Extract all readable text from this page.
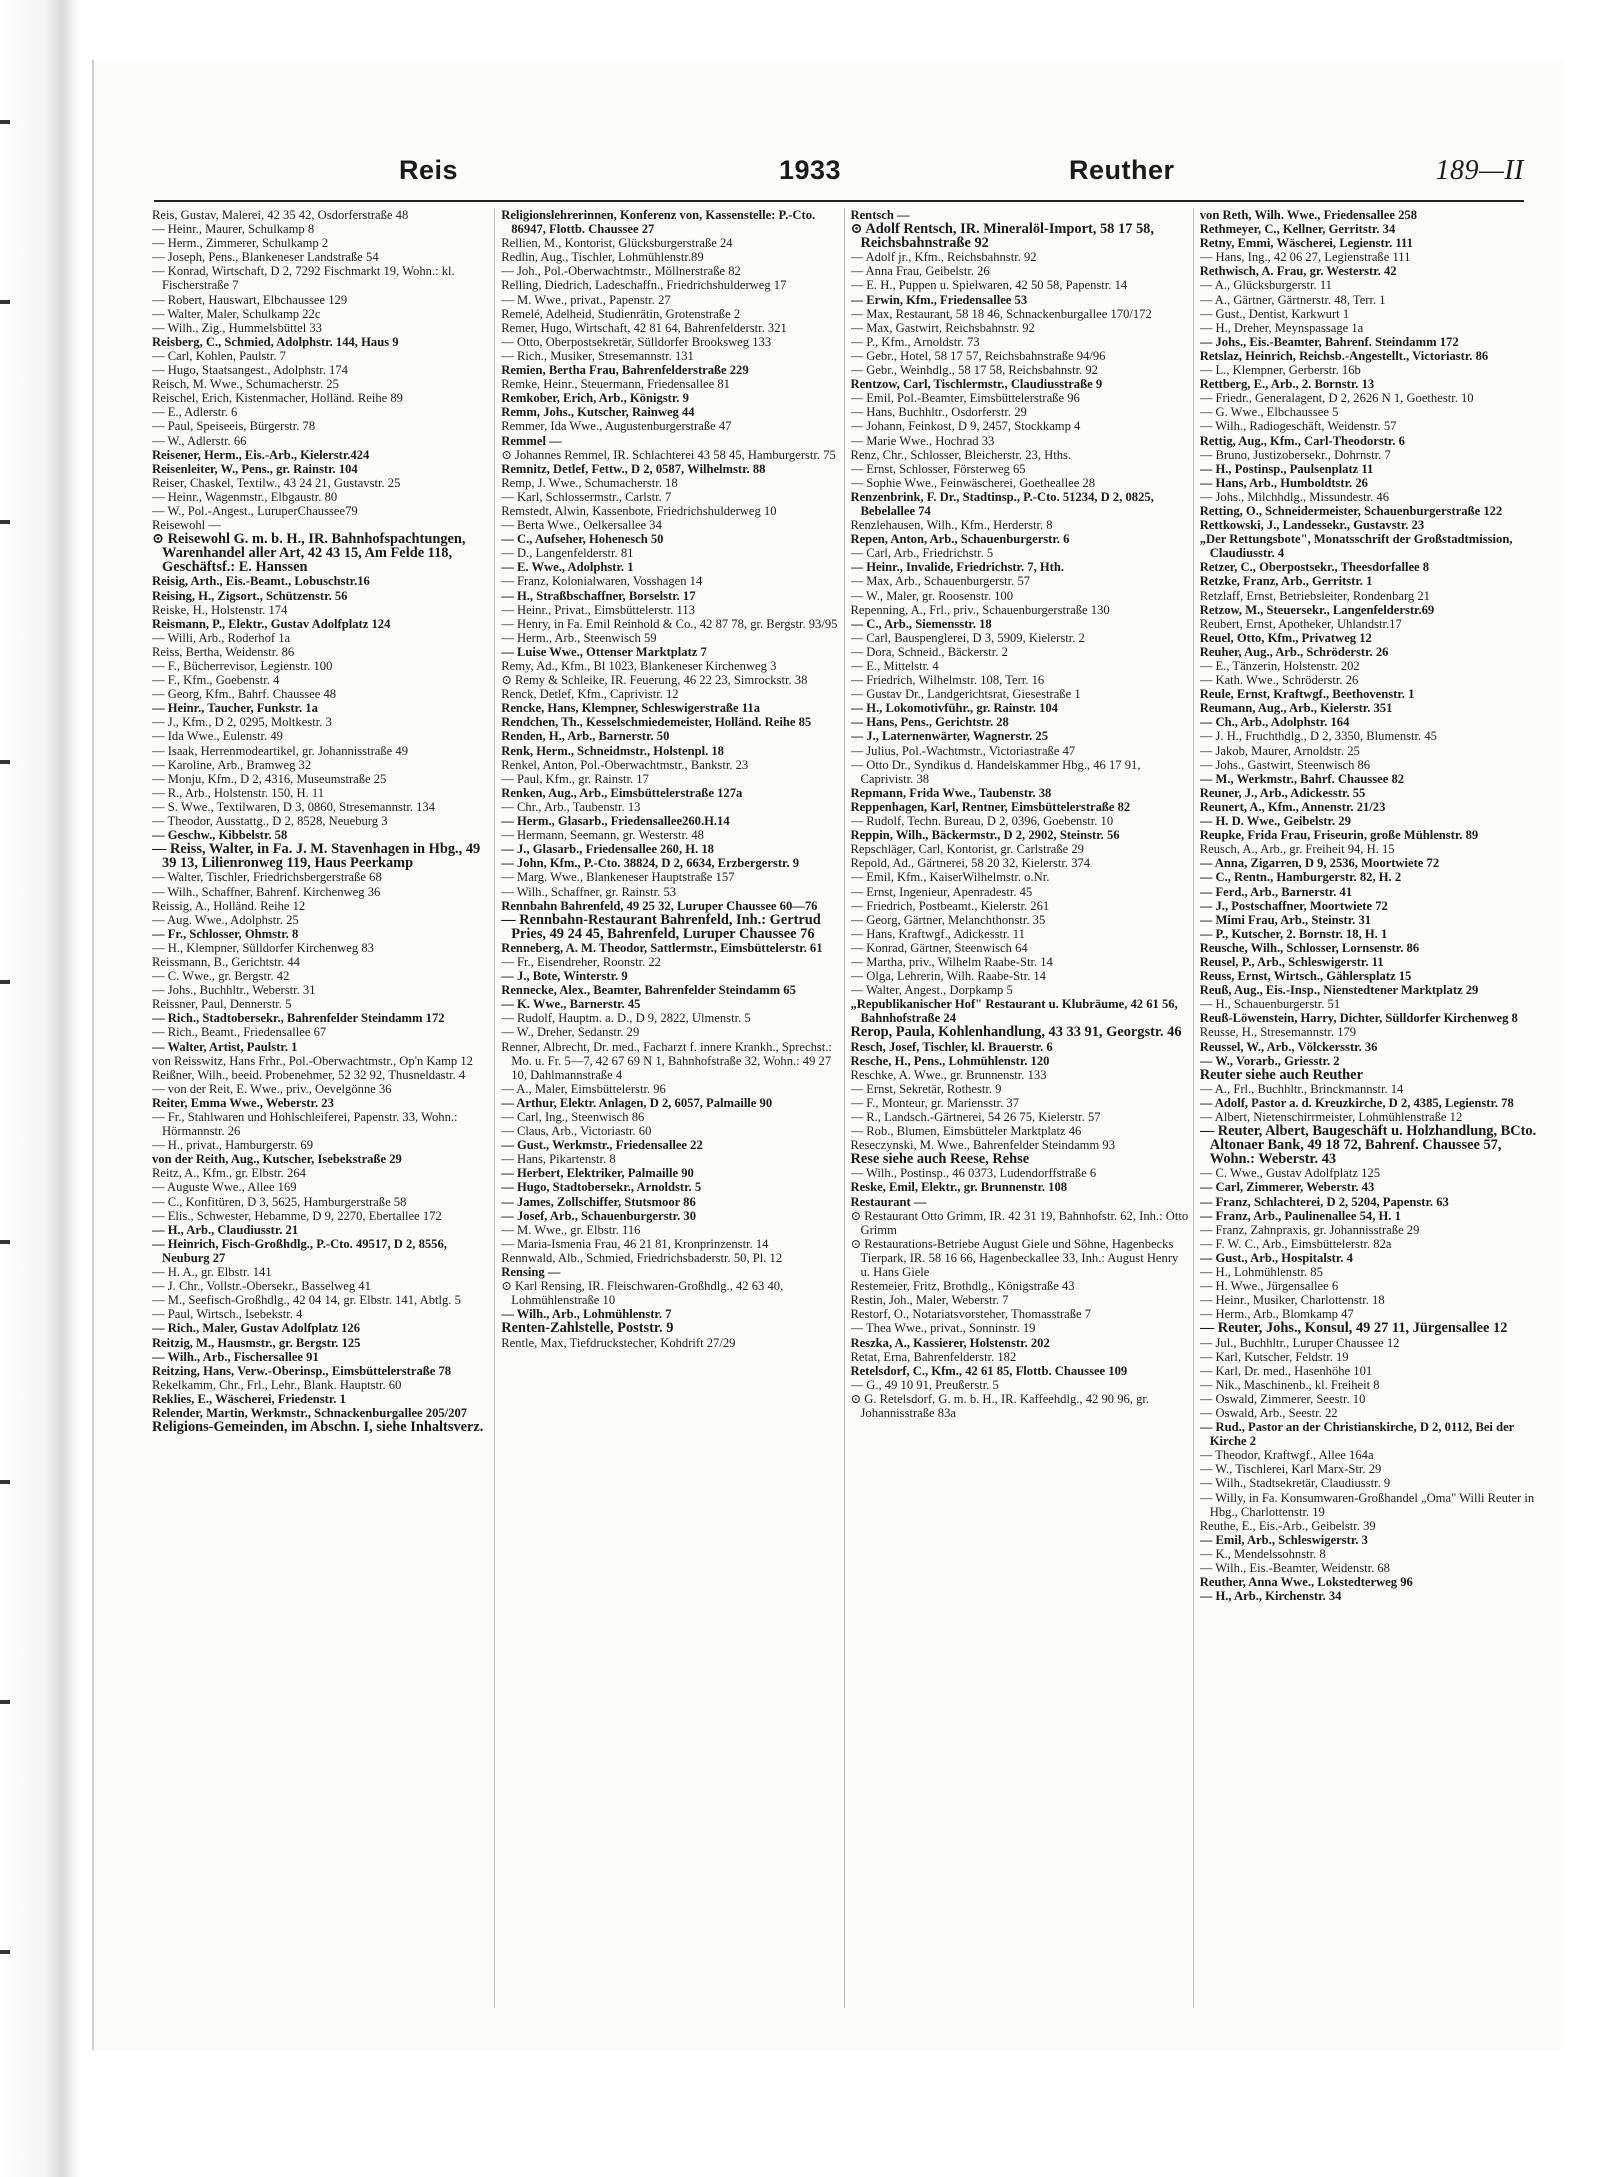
Reis	1933	Reuther	189—II

Reis, Gustav, Malerei, 42 35 42, Osdorferstraße 48

— Heinr., Maurer, Schulkamp 8

— Herm., Zimmerer, Schulkamp 2

— Joseph, Pens., Blankeneser Landstraße 54

— Konrad, Wirtschaft, D 2, 7292 Fischmarkt 19, Wohn.: kl. Fischerstraße 7

— Robert, Hauswart, Elbchaussee 129

— Walter, Maler, Schulkamp 22c

— Wilh., Zig., Hummelsbüttel 33

Reisberg, C., Schmied, Adolphstr. 144, Haus 9

— Carl, Kohlen, Paulstr. 7

— Hugo, Staatsangest., Adolphstr. 174

Reisch, M. Wwe., Schumacherstr. 25

Reischel, Erich, Kistenmacher, Holländ. Reihe 89

— E., Adlerstr. 6

— Paul, Speiseeis, Bürgerstr. 78

— W., Adlerstr. 66

Reisener, Herm., Eis.-Arb., Kielerstr.424

Reisenleiter, W., Pens., gr. Rainstr. 104

Reiser, Chaskel, Textilw., 43 24 21, Gustavstr. 25

— Heinr., Wagenmstr., Elbgaustr. 80

— W., Pol.-Angest., LuruperChaussee79

Reisewohl —

⊙ Reisewohl G. m. b. H., IR. Bahnhofspachtungen, Warenhandel aller Art, 42 43 15, Am Felde 118, Geschäftsf.: E. Hanssen

Reisig, Arth., Eis.-Beamt., Lobuschstr.16

Reising, H., Zigsort., Schützenstr. 56

Reiske, H., Holstenstr. 174

Reismann, P., Elektr., Gustav Adolfplatz 124

— Willi, Arb., Roderhof 1a

Reiss, Bertha, Weidenstr. 86

— F., Bücherrevisor, Legienstr. 100

— F., Kfm., Goebenstr. 4

— Georg, Kfm., Bahrf. Chaussee 48

— Heinr., Taucher, Funkstr. 1a

— J., Kfm., D 2, 0295, Moltkestr. 3

— Ida Wwe., Eulenstr. 49

— Isaak, Herrenmodeartikel, gr. Johannisstraße 49

— Karoline, Arb., Bramweg 32

— Monju, Kfm., D 2, 4316, Museumstraße 25

— R., Arb., Holstenstr. 150, H. 11

— S. Wwe., Textilwaren, D 3, 0860, Stresemannstr. 134

— Theodor, Ausstattg., D 2, 8528, Neueburg 3

— Geschw., Kibbelstr. 58

— Reiss, Walter, in Fa. J. M. Stavenhagen in Hbg., 49 39 13, Lilienronweg 119, Haus Peerkamp

— Walter, Tischler, Friedrichsbergerstraße 68

— Wilh., Schaffner, Bahrenf. Kirchenweg 36

Reissig, A., Holländ. Reihe 12

— Aug. Wwe., Adolphstr. 25

— Fr., Schlosser, Ohmstr. 8

— H., Klempner, Sülldorfer Kirchenweg 83

Reissmann, B., Gerichtstr. 44

— C. Wwe., gr. Bergstr. 42

— Johs., Buchhltr., Weberstr. 31

Reissner, Paul, Dennerstr. 5

— Rich., Stadtobersekr., Bahrenfelder Steindamm 172

— Rich., Beamt., Friedensallee 67

— Walter, Artist, Paulstr. 1

von Reisswitz, Hans Frhr., Pol.-Oberwachtmstr., Op'n Kamp 12

Reißner, Wilh., beeid. Probenehmer, 52 32 92, Thusneldastr. 4

— von der Reit, E. Wwe., priv., Oevelgönne 36

Reiter, Emma Wwe., Weberstr. 23

— Fr., Stahlwaren und Hohlschleiferei, Papenstr. 33, Wohn.: Hörmannstr. 26

— H., privat., Hamburgerstr. 69

von der Reith, Aug., Kutscher, Isebekstraße 29

Reitz, A., Kfm., gr. Elbstr. 264

— Auguste Wwe., Allee 169

— C., Konfitüren, D 3, 5625, Hamburgerstraße 58

— Elis., Schwester, Hebamme, D 9, 2270, Ebertallee 172

— H., Arb., Claudiusstr. 21

— Heinrich, Fisch-Großhdlg., P.-Cto. 49517, D 2, 8556, Neuburg 27

— H. A., gr. Elbstr. 141

— J. Chr., Vollstr.-Obersekr., Basselweg 41

— M., Seefisch-Großhdlg., 42 04 14, gr. Elbstr. 141, Abtlg. 5

— Paul, Wirtsch., Isebekstr. 4

— Rich., Maler, Gustav Adolfplatz 126

Reitzig, M., Hausmstr., gr. Bergstr. 125

— Wilh., Arb., Fischersallee 91

Reitzing, Hans, Verw.-Oberinsp., Eimsbüttelerstraße 78

Rekelkamm, Chr., Frl., Lehr., Blank. Hauptstr. 60

Reklies, E., Wäscherei, Friedenstr. 1

Relender, Martin, Werkmstr., Schnackenburgallee 205/207

Religions-Gemeinden, im Abschn. I, siehe Inhaltsverz.

Religionslehrerinnen, Konferenz von, Kassenstelle: P.-Cto. 86947, Flottb. Chaussee 27

Rellien, M., Kontorist, Glücksburgerstraße 24

Redlin, Aug., Tischler, Lohmühlenstr.89

— Joh., Pol.-Oberwachtmstr., Möllnerstraße 82

Relling, Diedrich, Ladeschaffn., Friedrichshulderweg 17

— M. Wwe., privat., Papenstr. 27

Remelé, Adelheid, Studienrätin, Grotenstraße 2

Remer, Hugo, Wirtschaft, 42 81 64, Bahrenfelderstr. 321

— Otto, Oberpostsekretär, Sülldorfer Brooksweg 133

— Rich., Musiker, Stresemannstr. 131

Remien, Bertha Frau, Bahrenfelderstraße 229

Remke, Heinr., Steuermann, Friedensallee 81

Remkober, Erich, Arb., Königstr. 9

Remm, Johs., Kutscher, Rainweg 44

Remmer, Ida Wwe., Augustenburgerstraße 47

Remmel —

⊙ Johannes Remmel, IR. Schlachterei 43 58 45, Hamburgerstr. 75

Remnitz, Detlef, Fettw., D 2, 0587, Wilhelmstr. 88

Remp, J. Wwe., Schumacherstr. 18

— Karl, Schlossermstr., Carlstr. 7

Remstedt, Alwin, Kassenbote, Friedrichshulderweg 10

— Berta Wwe., Oelkersallee 34

— C., Aufseher, Hohenesch 50

— D., Langenfelderstr. 81

— E. Wwe., Adolphstr. 1

— Franz, Kolonialwaren, Vosshagen 14

— H., Straßbschaffner, Borselstr. 17

— Heinr., Privat., Eimsbüttelerstr. 113

— Henry, in Fa. Emil Reinhold & Co., 42 87 78, gr. Bergstr. 93/95

— Herm., Arb., Steenwisch 59

— Luise Wwe., Ottenser Marktplatz 7

Remy, Ad., Kfm., Bl 1023, Blankeneser Kirchenweg 3

⊙ Remy & Schleike, IR. Feuerung, 46 22 23, Simrockstr. 38

Renck, Detlef, Kfm., Caprivistr. 12

Rencke, Hans, Klempner, Schleswigerstraße 11a

Rendchen, Th., Kesselschmiedemeister, Holländ. Reihe 85

Renden, H., Arb., Barnerstr. 50

Renk, Herm., Schneidmstr., Holstenpl. 18

Renkel, Anton, Pol.-Oberwachtmstr., Bankstr. 23

— Paul, Kfm., gr. Rainstr. 17

Renken, Aug., Arb., Eimsbüttelerstraße 127a

— Chr., Arb., Taubenstr. 13

— Herm., Glasarb., Friedensallee260.H.14

— Hermann, Seemann, gr. Westerstr. 48

— J., Glasarb., Friedensallee 260, H. 18

— John, Kfm., P.-Cto. 38824, D 2, 6634, Erzbergerstr. 9

— Marg. Wwe., Blankeneser Hauptstraße 157

— Wilh., Schaffner, gr. Rainstr. 53

Rennbahn Bahrenfeld, 49 25 32, Luruper Chaussee 60—76

— Rennbahn-Restaurant Bahrenfeld, Inh.: Gertrud Pries, 49 24 45, Bahrenfeld, Luruper Chaussee 76

Renneberg, A. M. Theodor, Sattlermstr., Eimsbüttelerstr. 61

— Fr., Eisendreher, Roonstr. 22

— J., Bote, Winterstr. 9

Rennecke, Alex., Beamter, Bahrenfelder Steindamm 65

— K. Wwe., Barnerstr. 45

— Rudolf, Hauptm. a. D., D 9, 2822, Ulmenstr. 5

— W., Dreher, Sedanstr. 29

Renner, Albrecht, Dr. med., Facharzt f. innere Krankh., Sprechst.: Mo. u. Fr. 5—7, 42 67 69 N 1, Bahnhofstraße 32, Wohn.: 49 27 10, Dahlmannstraße 4

— A., Maler, Eimsbüttelerstr. 96

— Arthur, Elektr. Anlagen, D 2, 6057, Palmaille 90

— Carl, Ing., Steenwisch 86

— Claus, Arb., Victoriastr. 60

— Gust., Werkmstr., Friedensallee 22

— Hans, Pikartenstr. 8

— Herbert, Elektriker, Palmaille 90

— Hugo, Stadtobersekr., Arnoldstr. 5

— James, Zollschiffer, Stutsmoor 86

— Josef, Arb., Schauenburgerstr. 30

— M. Wwe., gr. Elbstr. 116

— Maria-Ismenia Frau, 46 21 81, Kronprinzenstr. 14

Rennwald, Alb., Schmied, Friedrichsbaderstr. 50, Pl. 12

Rensing —

⊙ Karl Rensing, IR. Fleischwaren-Großhdlg., 42 63 40, Lohmühlenstraße 10

— Wilh., Arb., Lohmühlenstr. 7

Renten-Zahlstelle, Poststr. 9

Rentle, Max, Tiefdruckstecher, Kohdrift 27/29

Rentsch —

⊙ Adolf Rentsch, IR. Mineralöl-Import, 58 17 58, Reichsbahnstraße 92

— Adolf jr., Kfm., Reichsbahnstr. 92

— Anna Frau, Geibelstr. 26

— E. H., Puppen u. Spielwaren, 42 50 58, Papenstr. 14

— Erwin, Kfm., Friedensallee 53

— Max, Restaurant, 58 18 46, Schnackenburgallee 170/172

— Max, Gastwirt, Reichsbahnstr. 92

— P., Kfm., Arnoldstr. 73

— Gebr., Hotel, 58 17 57, Reichsbahnstraße 94/96

— Gebr., Weinhdlg., 58 17 58, Reichsbahnstr. 92

Rentzow, Carl, Tischlermstr., Claudiusstraße 9

— Emil, Pol.-Beamter, Eimsbüttelerstraße 96

— Hans, Buchhltr., Osdorferstr. 29

— Johann, Feinkost, D 9, 2457, Stockkamp 4

— Marie Wwe., Hochrad 33

Renz, Chr., Schlosser, Bleicherstr. 23, Hths.

— Ernst, Schlosser, Försterweg 65

— Sophie Wwe., Feinwäscherei, Goetheallee 28

Renzenbrink, F. Dr., Stadtinsp., P.-Cto. 51234, D 2, 0825, Bebelallee 74

Renzlehausen, Wilh., Kfm., Herderstr. 8

Repen, Anton, Arb., Schauenburgerstr. 6

— Carl, Arb., Friedrichstr. 5

— Heinr., Invalide, Friedrichstr. 7, Hth.

— Max, Arb., Schauenburgerstr. 57

— W., Maler, gr. Roosenstr. 100

Repenning, A., Frl., priv., Schauenburgerstraße 130

— C., Arb., Siemensstr. 18

— Carl, Bauspenglerei, D 3, 5909, Kielerstr. 2

— Dora, Schneid., Bäckerstr. 2

— E., Mittelstr. 4

— Friedrich, Wilhelmstr. 108, Terr. 16

— Gustav Dr., Landgerichtsrat, Giesestraße 1

— H., Lokomotivführ., gr. Rainstr. 104

— Hans, Pens., Gerichtstr. 28

— J., Laternenwärter, Wagnerstr. 25

— Julius, Pol.-Wachtmstr., Victoriastraße 47

— Otto Dr., Syndikus d. Handelskammer Hbg., 46 17 91, Caprivistr. 38

Repmann, Frida Wwe., Taubenstr. 38

Reppenhagen, Karl, Rentner, Eimsbüttelerstraße 82

— Rudolf, Techn. Bureau, D 2, 0396, Goebenstr. 10

Reppin, Wilh., Bäckermstr., D 2, 2902, Steinstr. 56

Repschläger, Carl, Kontorist, gr. Carlstraße 29

Repold, Ad., Gärtnerei, 58 20 32, Kielerstr. 374

— Emil, Kfm., KaiserWilhelmstr. o.Nr.

— Ernst, Ingenieur, Apenradestr. 45

— Friedrich, Postbeamt., Kielerstr. 261

— Georg, Gärtner, Melanchthonstr. 35

— Hans, Kraftwgf., Adickesstr. 11

— Konrad, Gärtner, Steenwisch 64

— Martha, priv., Wilhelm Raabe-Str. 14

— Olga, Lehrerin, Wilh. Raabe-Str. 14

— Walter, Angest., Dorpkamp 5

„Republikanischer Hof" Restaurant u. Klubräume, 42 61 56, Bahnhofstraße 24

Rerop, Paula, Kohlenhandlung, 43 33 91, Georgstr. 46

Resch, Josef, Tischler, kl. Brauerstr. 6

Resche, H., Pens., Lohmühlenstr. 120

Reschke, A. Wwe., gr. Brunnenstr. 133

— Ernst, Sekretär, Rothestr. 9

— F., Monteur, gr. Mariensstr. 37

— R., Landsch.-Gärtnerei, 54 26 75, Kielerstr. 57

— Rob., Blumen, Eimsbütteler Marktplatz 46

Reseczynski, M. Wwe., Bahrenfelder Steindamm 93

Rese siehe auch Reese, Rehse

— Wilh., Postinsp., 46 0373, Ludendorffstraße 6

Reske, Emil, Elektr., gr. Brunnenstr. 108

Restaurant —

⊙ Restaurant Otto Grimm, IR. 42 31 19, Bahnhofstr. 62, Inh.: Otto Grimm

⊙ Restaurations-Betriebe August Giele und Söhne, Hagenbecks Tierpark, IR. 58 16 66, Hagenbeckallee 33, Inh.: August Henry u. Hans Giele

Restemeier, Fritz, Brothdlg., Königstraße 43

Restin, Joh., Maler, Weberstr. 7

Restorf, O., Notariatsvorsteher, Thomasstraße 7

— Thea Wwe., privat., Sonninstr. 19

Reszka, A., Kassierer, Holstenstr. 202

Retat, Erna, Bahrenfelderstr. 182

Retelsdorf, C., Kfm., 42 61 85, Flottb. Chaussee 109

— G., 49 10 91, Preußerstr. 5

⊙ G. Retelsdorf, G. m. b. H., IR. Kaffeehdlg., 42 90 96, gr. Johannisstraße 83a

von Reth, Wilh. Wwe., Friedensallee 258

Rethmeyer, C., Kellner, Gerritstr. 34

Retny, Emmi, Wäscherei, Legienstr. 111

— Hans, Ing., 42 06 27, Legienstraße 111

Rethwisch, A. Frau, gr. Westerstr. 42

— A., Glücksburgerstr. 11

— A., Gärtner, Gärtnerstr. 48, Terr. 1

— Gust., Dentist, Karkwurt 1

— H., Dreher, Meynspassage 1a

— Johs., Eis.-Beamter, Bahrenf. Steindamm 172

Retslaz, Heinrich, Reichsb.-Angestellt., Victoriastr. 86

— L., Klempner, Gerberstr. 16b

Rettberg, E., Arb., 2. Bornstr. 13

— Friedr., Generalagent, D 2, 2626 N 1, Goethestr. 10

— G. Wwe., Elbchaussee 5

— Wilh., Radiogeschäft, Weidenstr. 57

Rettig, Aug., Kfm., Carl-Theodorstr. 6

— Bruno, Justizobersekr., Dohrnstr. 7

— H., Postinsp., Paulsenplatz 11

— Hans, Arb., Humboldtstr. 26

— Johs., Milchhdlg., Missundestr. 46

Retting, O., Schneidermeister, Schauenburgerstraße 122

Rettkowski, J., Landessekr., Gustavstr. 23

„Der Rettungsbote", Monatsschrift der Großstadtmission, Claudiusstr. 4

Retzer, C., Oberpostsekr., Theesdorfallee 8

Retzke, Franz, Arb., Gerritstr. 1

Retzlaff, Ernst, Betriebsleiter, Rondenbarg 21

Retzow, M., Steuersekr., Langenfelderstr.69

Reubert, Ernst, Apotheker, Uhlandstr.17

Reuel, Otto, Kfm., Privatweg 12

Reuher, Aug., Arb., Schröderstr. 26

— E., Tänzerin, Holstenstr. 202

— Kath. Wwe., Schröderstr. 26

Reule, Ernst, Kraftwgf., Beethovenstr. 1

Reumann, Aug., Arb., Kielerstr. 351

— Ch., Arb., Adolphstr. 164

— J. H., Fruchthdlg., D 2, 3350, Blumenstr. 45

— Jakob, Maurer, Arnoldstr. 25

— Johs., Gastwirt, Steenwisch 86

— M., Werkmstr., Bahrf. Chaussee 82

Reuner, J., Arb., Adickesstr. 55

Reunert, A., Kfm., Annenstr. 21/23

— H. D. Wwe., Geibelstr. 29

Reupke, Frida Frau, Friseurin, große Mühlenstr. 89

Reusch, A., Arb., gr. Freiheit 94, H. 15

— Anna, Zigarren, D 9, 2536, Moortwiete 72

— C., Rentn., Hamburgerstr. 82, H. 2

— Ferd., Arb., Barnerstr. 41

— J., Postschaffner, Moortwiete 72

— Mimi Frau, Arb., Steinstr. 31

— P., Kutscher, 2. Bornstr. 18, H. 1

Reusche, Wilh., Schlosser, Lornsenstr. 86

Reusel, P., Arb., Schleswigerstr. 11

Reuss, Ernst, Wirtsch., Gählersplatz 15

Reuß, Aug., Eis.-Insp., Nienstedtener Marktplatz 29

— H., Schauenburgerstr. 51

Reuß-Löwenstein, Harry, Dichter, Sülldorfer Kirchenweg 8

Reusse, H., Stresemannstr. 179

Reussel, W., Arb., Völckersstr. 36

— W., Vorarb., Griesstr. 2

Reuter siehe auch Reuther

— A., Frl., Buchhltr., Brinckmannstr. 14

— Adolf, Pastor a. d. Kreuzkirche, D 2, 4385, Legienstr. 78

— Albert, Nietenschirrmeister, Lohmühlenstraße 12

— Reuter, Albert, Baugeschäft u. Holzhandlung, BCto. Altonaer Bank, 49 18 72, Bahrenf. Chaussee 57, Wohn.: Weberstr. 43

— C. Wwe., Gustav Adolfplatz 125

— Carl, Zimmerer, Weberstr. 43

— Franz, Schlachterei, D 2, 5204, Papenstr. 63

— Franz, Arb., Paulinenallee 54, H. 1

— Franz, Zahnpraxis, gr. Johannisstraße 29

— F. W. C., Arb., Eimsbüttelerstr. 82a

— Gust., Arb., Hospitalstr. 4

— H., Lohmühlenstr. 85

— H. Wwe., Jürgensallee 6

— Heinr., Musiker, Charlottenstr. 18

— Herm., Arb., Blomkamp 47

— Reuter, Johs., Konsul, 49 27 11, Jürgensallee 12

— Jul., Buchhltr., Luruper Chaussee 12

— Karl, Kutscher, Feldstr. 19

— Karl, Dr. med., Hasenhöhe 101

— Nik., Maschinenb., kl. Freiheit 8

— Oswald, Zimmerer, Seestr. 10

— Oswald, Arb., Seestr. 22

— Rud., Pastor an der Christianskirche, D 2, 0112, Bei der Kirche 2

— Theodor, Kraftwgf., Allee 164a

— W., Tischlerei, Karl Marx-Str. 29

— Wilh., Stadtsekretär, Claudiusstr. 9

— Willy, in Fa. Konsumwaren-Großhandel „Oma" Willi Reuter in Hbg., Charlottenstr. 19

Reuthe, E., Eis.-Arb., Geibelstr. 39

— Emil, Arb., Schleswigerstr. 3

— K., Mendelssohnstr. 8

— Wilh., Eis.-Beamter, Weidenstr. 68

Reuther, Anna Wwe., Lokstedterweg 96

— H., Arb., Kirchenstr. 34
